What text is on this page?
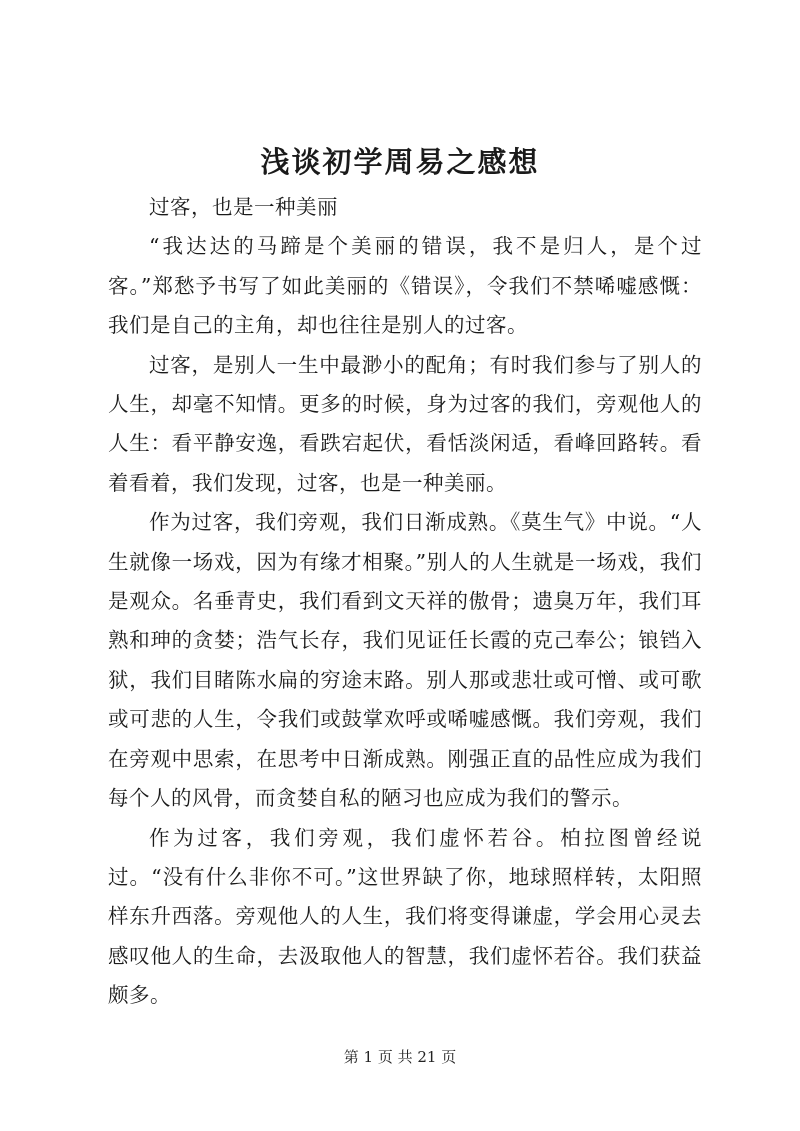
浅谈初学周易之感想

过客，也是一种美丽

“我达达的马蹄是个美丽的错误，我不是归人，是个过客。”郑愁予书写了如此美丽的《错误》，令我们不禁唏嘘感慨：我们是自己的主角，却也往往是别人的过客。

过客，是别人一生中最渺小的配角；有时我们参与了别人的人生，却毫不知情。更多的时候，身为过客的我们，旁观他人的人生：看平静安逸，看跌宕起伏，看恬淡闲适，看峰回路转。看着看着，我们发现，过客，也是一种美丽。

作为过客，我们旁观，我们日渐成熟。《莫生气》中说。“人生就像一场戏，因为有缘才相聚。”别人的人生就是一场戏，我们是观众。名垂青史，我们看到文天祥的傲骨；遗臭万年，我们耳熟和珅的贪婪；浩气长存，我们见证任长霞的克己奉公；锒铛入狱，我们目睹陈水扁的穷途末路。别人那或悲壮或可憎、或可歌或可悲的人生，令我们或鼓掌欢呼或唏嘘感慨。我们旁观，我们在旁观中思索，在思考中日渐成熟。刚强正直的品性应成为我们每个人的风骨，而贪婪自私的陋习也应成为我们的警示。

作为过客，我们旁观，我们虚怀若谷。柏拉图曾经说过。“没有什么非你不可。”这世界缺了你，地球照样转，太阳照样东升西落。旁观他人的人生，我们将变得谦虚，学会用心灵去感叹他人的生命，去汲取他人的智慧，我们虚怀若谷。我们获益颇多。

第 1 页 共 21 页
